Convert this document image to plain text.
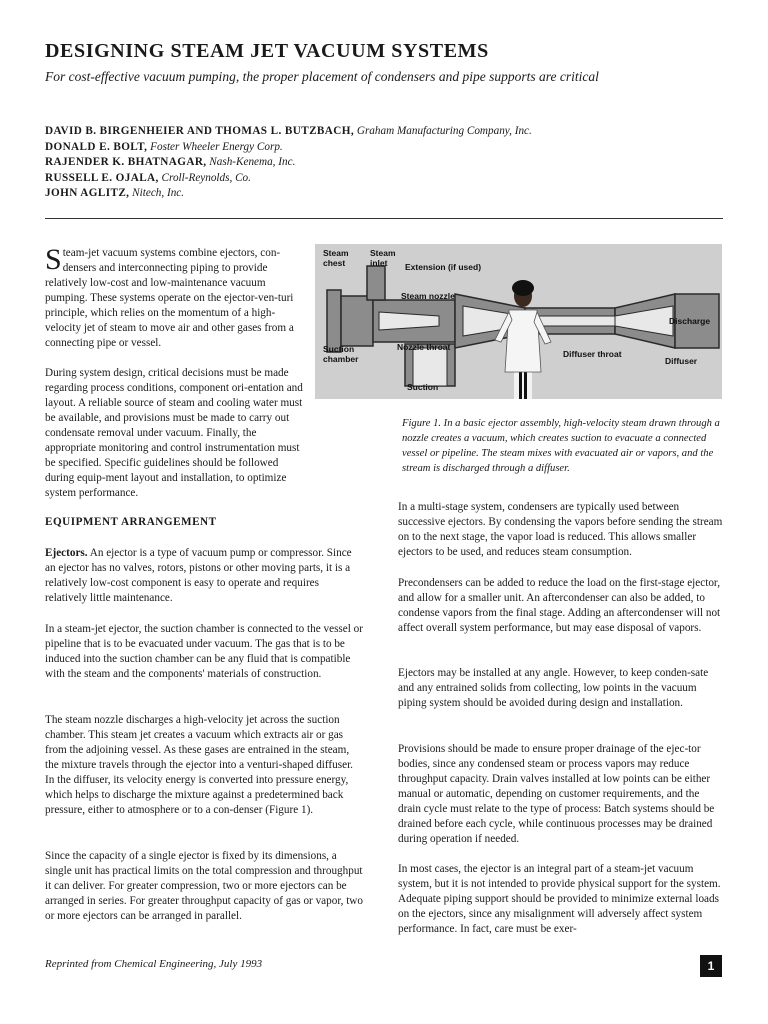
DESIGNING STEAM JET VACUUM SYSTEMS
For cost-effective vacuum pumping, the proper placement of condensers and pipe supports are critical
DAVID B. BIRGENHEIER AND THOMAS L. BUTZBACH, Graham Manufacturing Company, Inc.
DONALD E. BOLT, Foster Wheeler Energy Corp.
RAJENDER K. BHATNAGAR, Nash-Kenema, Inc.
RUSSELL E. OJALA, Croll-Reynolds, Co.
JOHN AGLITZ, Nitech, Inc.

Steam-jet vacuum systems combine ejectors, con-densers and interconnecting piping to provide relatively low-cost and low-maintenance vacuum pumping. These systems operate on the ejector-ven-turi principle, which relies on the momentum of a high-velocity jet of steam to move air and other gases from a connecting pipe or vessel.

During system design, critical decisions must be made regarding process conditions, component ori-entation and layout. A reliable source of steam and cooling water must be available, and provisions must be made to carry out condensate removal under vacuum. Finally, the appropriate monitoring and control instrumentation must be specified. Specific guidelines should be followed during equip-ment layout and installation, to optimize system performance.

EQUIPMENT ARRANGEMENT

Ejectors. An ejector is a type of vacuum pump or compressor. Since an ejector has no valves, rotors, pistons or other moving parts, it is a relatively low-cost component is easy to operate and requires relatively little maintenance.

In a steam-jet ejector, the suction chamber is connected to the vessel or pipeline that is to be evacuated under vacuum. The gas that is to be induced into the suction chamber can be any fluid that is compatible with the steam and the components' materials of construction.

The steam nozzle discharges a high-velocity jet across the suction chamber. This steam jet creates a vacuum which extracts air or gas from the adjoining vessel. As these gases are entrained in the steam, the mixture travels through the ejector into a venturi-shaped diffuser. In the diffuser, its velocity energy is converted into pressure energy, which helps to discharge the mixture against a predetermined back pressure, either to atmosphere or to a con-denser (Figure 1).

Since the capacity of a single ejector is fixed by its dimensions, a single unit has practical limits on the total compression and throughput it can deliver. For greater compression, two or more ejectors can be arranged in series. For greater throughput capacity of gas or vapor, two or more ejectors can be arranged in parallel.

Steam
chest
Steam
inlet Extension (if used)
Steam nozzle
Discharge
Suction
chamber
Nozzle throat
Diffuser throat
Diffuser
Suction
Figure 1. In a basic ejector assembly, high-velocity steam drawn through a nozzle creates a vacuum, which creates suction to evacuate a connected vessel or pipeline. The steam mixes with evacuated air or vapors, and the stream is discharged through a diffuser.

In a multi-stage system, condensers are typically used between successive ejectors. By condensing the vapors before sending the stream on to the next stage, the vapor load is reduced. This allows smaller ejectors to be used, and reduces steam consumption.

Precondensers can be added to reduce the load on the first-stage ejector, and allow for a smaller unit. An aftercondenser can also be added, to condense vapors from the final stage. Adding an aftercondenser will not affect overall system performance, but may ease disposal of vapors.

Ejectors may be installed at any angle. However, to keep conden-sate and any entrained solids from collecting, low points in the vacuum piping system should be avoided during design and installation.

Provisions should be made to ensure proper drainage of the ejec-tor bodies, since any condensed steam or process vapors may reduce throughput capacity. Drain valves installed at low points can be either manual or automatic, depending on customer requirements, and the drain cycle must relate to the type of process: Batch systems should be drained before each cycle, while continuous processes may be drained during operation if needed.

In most cases, the ejector is an integral part of a steam-jet vacuum system, but it is not intended to provide physical support for the system. Adequate piping support should be provided to minimize external loads on the ejectors, since any misalignment will adversely affect system performance. In fact, care must be exer-

Reprinted from Chemical Engineering, July 1993	1
